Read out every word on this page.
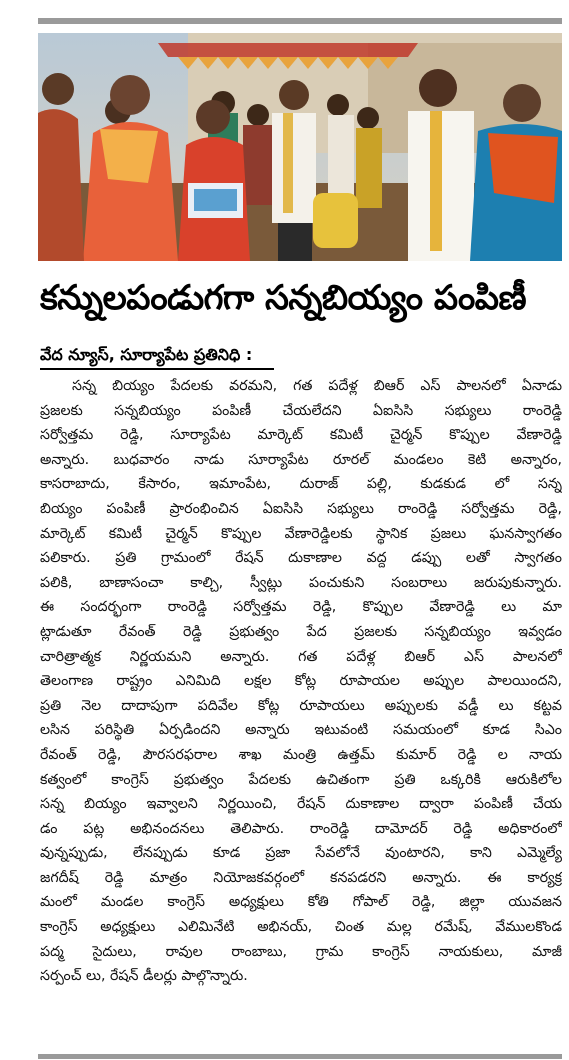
కన్నులపండుగగా సన్నబియ్యం పంపిణీ
వేద న్యూస్, సూర్యాపేట ప్రతినిధి :
సన్న బియ్యం పేదలకు వరమని, గత పదేళ్ల బిఆర్ ఎస్ పాలనలో ఏనాడు
ప్రజలకు సన్నబియ్యం పంపిణీ చేయలేదని ఏఐసిసి సభ్యులు రాంరెడ్డి
సర్వోత్తమ రెడ్డి, సూర్యాపేట మార్కెట్ కమిటీ చైర్మన్ కొప్పుల వేణారెడ్డి
అన్నారు. బుధవారం నాడు సూర్యాపేట రూరల్ మండలం కెటి అన్నారం,
కాసరాబాదు, కేసారం, ఇమాంపేట, దురాజ్ పల్లి, కుడకుడ లో సన్న
బియ్యం పంపిణీ ప్రారంభించిన ఏఐసిసి సభ్యులు రాంరెడ్డి సర్వోత్తమ రెడ్డి,
మార్కెట్ కమిటీ చైర్మన్ కొప్పుల వేణారెడ్డిలకు స్థానిక ప్రజలు ఘనస్వాగతం
పలికారు. ప్రతి గ్రామంలో రేషన్ దుకాణాల వద్ద డప్పు లతో స్వాగతం
పలికి, బాణాసంచా కాల్చి, స్వీట్లు పంచుకుని సంబరాలు జరుపుకున్నారు.
ఈ సందర్భంగా రాంరెడ్డి సర్వోత్తమ రెడ్డి, కొప్పుల వేణారెడ్డి లు మా
ట్లాడుతూ రేవంత్ రెడ్డి ప్రభుత్వం పేద ప్రజలకు సన్నబియ్యం ఇవ్వడం
చారిత్రాత్మక నిర్ణయమని అన్నారు. గత పదేళ్ల బిఆర్ ఎస్ పాలనలో
తెలంగాణ రాష్ట్రం ఎనిమిది లక్షల కోట్ల రూపాయల అప్పుల పాలయిందని,
ప్రతి నెల దాదాపుగా పదివేల కోట్ల రూపాయలు అప్పులకు వడ్డీ లు కట్టవ
లసిన పరిస్థితి ఏర్పడిందని అన్నారు ఇటువంటి సమయంలో కూడ సిఎం
రేవంత్ రెడ్డి, పౌరసరఫరాల శాఖ మంత్రి ఉత్తమ్ కుమార్ రెడ్డి ల నాయ
కత్వంలో కాంగ్రెస్ ప్రభుత్వం పేదలకు ఉచితంగా ప్రతి ఒక్కరికి ఆరుకిలోల
సన్న బియ్యం ఇవ్వాలని నిర్ణయించి, రేషన్ దుకాణాల ద్వారా పంపిణీ చేయ
డం పట్ల అభినందనలు తెలిపారు. రాంరెడ్డి దామోదర్ రెడ్డి అధికారంలో
వున్నప్పుడు, లేనప్పుడు కూడ ప్రజా సేవలోనే వుంటారని, కాని ఎమ్మెల్యే
జగదీష్ రెడ్డి మాత్రం నియోజకవర్గంలో కనపడరని అన్నారు. ఈ కార్యక్ర
మంలో మండల కాంగ్రెస్ అధ్యక్షులు కోతి గోపాల్ రెడ్డి, జిల్లా యువజన
కాంగ్రెస్ అధ్యక్షులు ఎలిమినేటి అభినయ్, చింత మల్ల రమేష్, వేములకొండ
పద్మ సైదులు, రావుల రాంబాబు, గ్రామ కాంగ్రెస్ నాయకులు, మాజీ
సర్పంచ్ లు, రేషన్ డీలర్లు పాల్గొన్నారు.
